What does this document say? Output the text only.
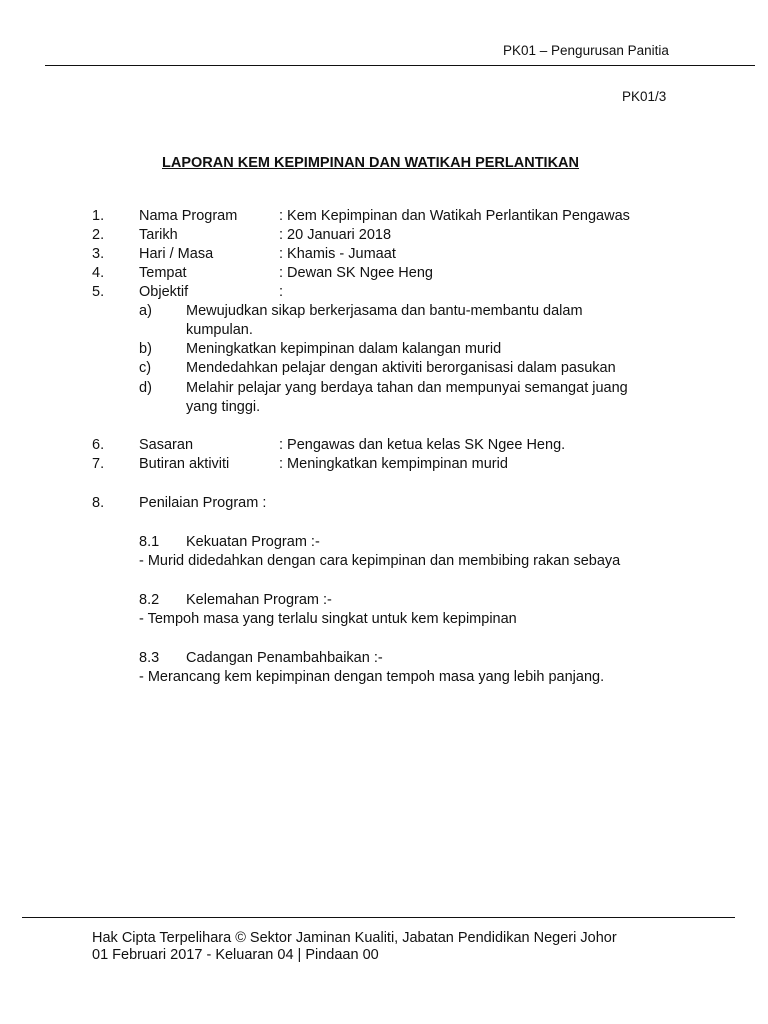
PK01 – Pengurusan Panitia
PK01/3
LAPORAN KEM KEPIMPINAN DAN WATIKAH PERLANTIKAN
1. Nama Program	: Kem Kepimpinan dan Watikah Perlantikan Pengawas
2. Tarikh	: 20 Januari 2018
3. Hari / Masa	: Khamis - Jumaat
4. Tempat	: Dewan SK Ngee Heng
5. Objektif	:
a) Mewujudkan sikap berkerjasama dan bantu-membantu dalam
kumpulan.
b) Meningkatkan kepimpinan dalam kalangan murid
c) Mendedahkan pelajar dengan aktiviti berorganisasi dalam pasukan
d) Melahir pelajar yang berdaya tahan dan mempunyai semangat juang
yang tinggi.
6. Sasaran	: Pengawas dan ketua kelas SK Ngee Heng.
7. Butiran aktiviti	: Meningkatkan kempimpinan murid
8. Penilaian Program :
8.1 Kekuatan Program :-
- Murid didedahkan dengan cara kepimpinan dan membibing rakan sebaya
8.2 Kelemahan Program :-
- Tempoh masa yang terlalu singkat untuk kem kepimpinan
8.3 Cadangan Penambahbaikan :-
- Merancang kem kepimpinan dengan tempoh masa yang lebih panjang.
Hak Cipta Terpelihara © Sektor Jaminan Kualiti, Jabatan Pendidikan Negeri Johor
01 Februari 2017 - Keluaran 04 | Pindaan 00
